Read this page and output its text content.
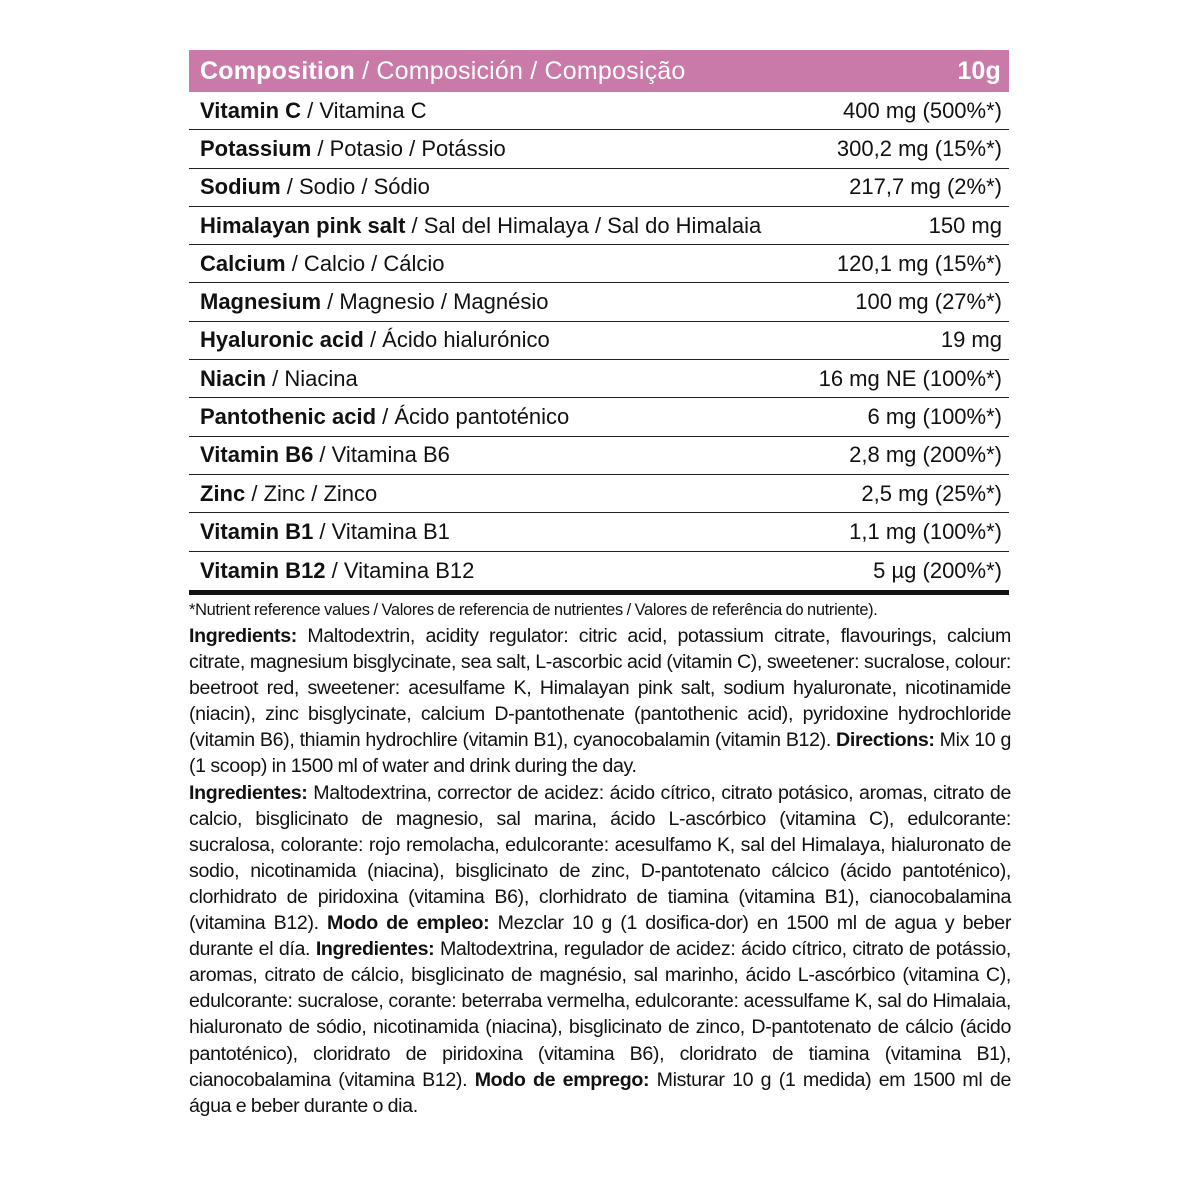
Composition / Composición / Composição	10g
Vitamin C / Vitamina C	400 mg (500%*)
Potassium / Potasio / Potássio	300,2 mg (15%*)
Sodium / Sodio / Sódio	217,7 mg (2%*)
Himalayan pink salt / Sal del Himalaya / Sal do Himalaia	150 mg
Calcium / Calcio / Cálcio	120,1 mg (15%*)
Magnesium / Magnesio / Magnésio	100 mg (27%*)
Hyaluronic acid / Ácido hialurónico	19 mg
Niacin / Niacina	16 mg NE (100%*)
Pantothenic acid / Ácido pantoténico	6 mg (100%*)
Vitamin B6 / Vitamina B6	2,8 mg (200%*)
Zinc / Zinc / Zinco	2,5 mg (25%*)
Vitamin B1 / Vitamina B1	1,1 mg (100%*)
Vitamin B12 / Vitamina B12	5 µg (200%*)
*Nutrient reference values / Valores de referencia de nutrientes / Valores de referência do nutriente).
Ingredients: Maltodextrin, acidity regulator: citric acid, potassium citrate, flavourings, calcium citrate, magnesium bisglycinate, sea salt, L-ascorbic acid (vitamin C), sweetener: sucralose, colour: beetroot red, sweetener: acesulfame K, Himalayan pink salt, sodium hyaluronate, nicotinamide (niacin), zinc bisglycinate, calcium D-pantothenate (pantothenic acid), pyridoxine hydrochloride (vitamin B6), thiamin hydrochlire (vitamin B1), cyanocobalamin (vitamin B12). Directions: Mix 10 g (1 scoop) in 1500 ml of water and drink during the day.
Ingredientes: Maltodextrina, corrector de acidez: ácido cítrico, citrato potásico, aromas, citrato de calcio, bisglicinato de magnesio, sal marina, ácido L-ascórbico (vitamina C), edulcorante: sucralosa, colorante: rojo remolacha, edulcorante: acesulfamo K, sal del Himalaya, hialuronato de sodio, nicotinamida (niacina), bisglicinato de zinc, D-pantotenato cálcico (ácido pantoténico), clorhidrato de piridoxina (vitamina B6), clorhidrato de tiamina (vitamina B1), cianocobalamina (vitamina B12). Modo de empleo: Mezclar 10 g (1 dosifica-dor) en 1500 ml de agua y beber durante el día. Ingredientes: Maltodextrina, regulador de acidez: ácido cítrico, citrato de potássio, aromas, citrato de cálcio, bisglicinato de magnésio, sal marinho, ácido L-ascórbico (vitamina C), edulcorante: sucralose, corante: beterraba vermelha, edulcorante: acessulfame K, sal do Himalaia, hialuronato de sódio, nicotinamida (niacina), bisglicinato de zinco, D-pantotenato de cálcio (ácido pantoténico), cloridrato de piridoxina (vitamina B6), cloridrato de tiamina (vitamina B1), cianocobalamina (vitamina B12). Modo de emprego: Misturar 10 g (1 medida) em 1500 ml de água e beber durante o dia.
